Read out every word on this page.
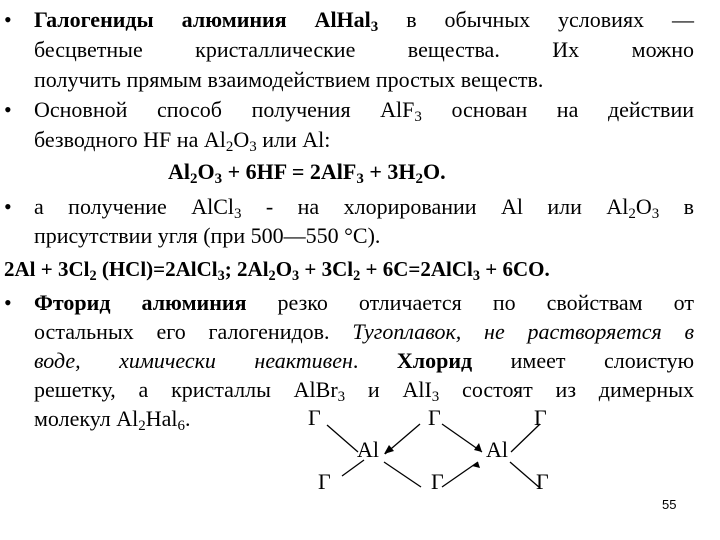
•
•
•
•

Галогениды алюминия AlHal$_3$ в обычных условиях —

бесцветные кристаллические вещества. Их можно

получить прямым взаимодействием простых веществ.

Основной способ получения AlF$_3$ основан на действии

безводного HF на $Al_2O_3$ или Al:

$Al_2O_3 + 6HF = 2AlF_3 + 3H_2O$.

а получение AlCl$_3$ - на хлорировании Al или $Al_2O_3$ в

присутствии угля (при 500—550 °С).

$2Al + 3Cl_2$ (HCl)=2AlCl$_3$; $2Al_2O_3 + 3Cl_2$ + 6C=2AlCl$_3$ + 6CO.

Фторид алюминия резко отличается по свойствам от

остальных его галогенидов. Тугоплавок, не растворяется в

воде, химически неактивен. Хлорид имеет слоистую

решетку, а кристаллы AlBr$_3$ и AlI$_3$ состоят из димерных

молекул $Al_2Hal_6$.	Г	Г	Г
Al	Al
Г	Г	Г
55
